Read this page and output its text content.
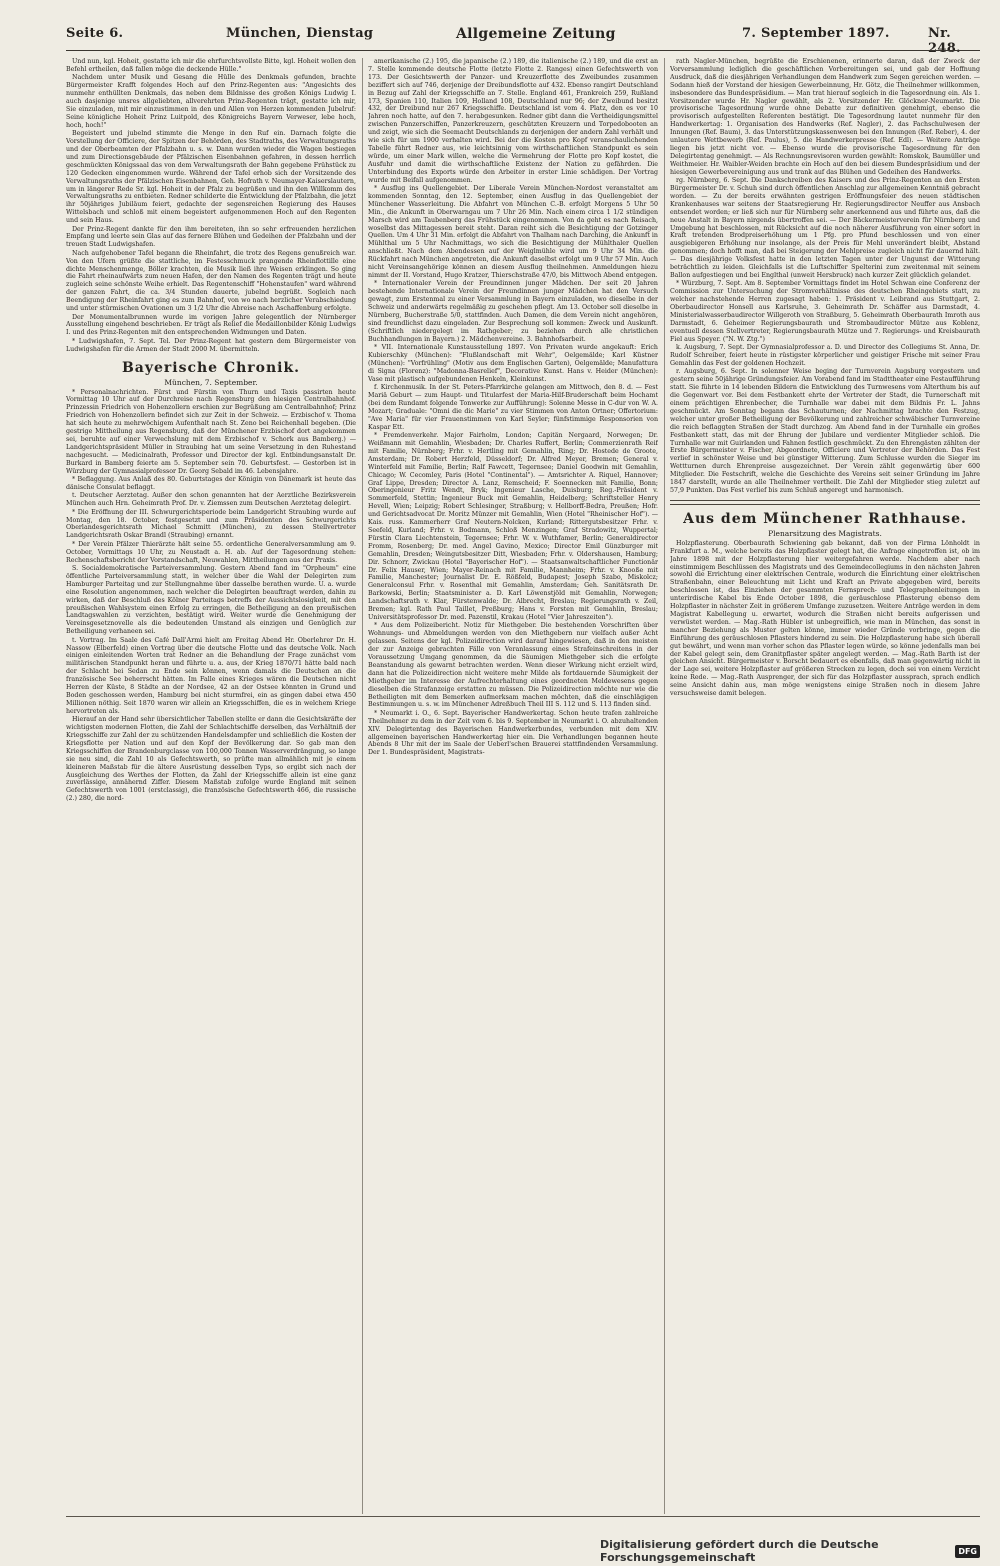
Seite 6.	München, Dienstag	Allgemeine Zeitung	7. September 1897.	Nr. 248.

Und nun, kgl. Hoheit, gestatte ich mir die ehrfurchtsvollste Bitte, kgl. Hoheit wollen den Befehl ertheilen, daß fallen möge die deckende Hülle."

Nachdem unter Musik und Gesang die Hülle des Denkmals gefunden, brachte Bürgermeister Krafft folgendes Hoch auf den Prinz-Regenten aus: "Angesichts des nunmehr enthüllten Denkmals, das neben dem Bildnisse des großen Königs Ludwig I. auch dasjenige unsres allgeliebten, allverehrten Prinz-Regenten trägt, gestatte ich mir, Sie einzuladen, mit mir einzustimmen in den und Allen von Herzen kommenden Jubelruf: Seine königliche Hoheit Prinz Luitpold, des Königreichs Bayern Verweser, lebe hoch, hoch, hoch!"

Begeistert und jubelnd stimmte die Menge in den Ruf ein. Darnach folgte die Vorstellung der Officiere, der Spitzen der Behörden, des Stadtraths, des Verwaltungsraths und der Oberbeamten der Pfalzbahn u. s. w. Dann wurden wieder die Wagen bestiegen und zum Directionsgebäude der Pfälzischen Eisenbahnen gefahren, in dessen herrlich geschmückten Königssaal das von dem Verwaltungsrath der Bahn gegebene Frühstück zu 120 Gedecken eingenommen wurde. Während der Tafel erhob sich der Vorsitzende des Verwaltungsraths der Pfälzischen Eisenbahnen, Geh. Hofrath v. Neumayer-Kaiserslautern, um in längerer Rede Sr. kgl. Hoheit in der Pfalz zu begrüßen und ihn den Willkomm des Verwaltungsraths zu entbieten. Redner schilderte die Entwicklung der Pfalzbahn, die jetzt ihr 50jähriges Jubiläum feiert, gedachte der segensreichen Regierung des Hauses Wittelsbach und schloß mit einem begeistert aufgenommenen Hoch auf den Regenten und sein Haus.

Der Prinz-Regent dankte für den ihm bereiteten, ihn so sehr erfreuenden herzlichen Empfang und leerte sein Glas auf das fernere Blühen und Gedeihen der Pfalzbahn und der treuen Stadt Ludwigshafen.

Nach aufgehobener Tafel begann die Rheinfahrt, die trotz des Regens genußreich war. Von den Ufern grüßte die stattliche, im Festesschmuck prangende Rheinflottille eine dichte Menschenmenge, Böller krachten, die Musik ließ ihre Weisen erklingen. So ging die Fahrt rheinaufwärts zum neuen Hafen, der den Namen des Regenten trägt und heute zugleich seine schönste Weihe erhielt. Das Regentenschiff "Hohenstaufen" ward während der ganzen Fahrt, die ca. 3/4 Stunden dauerte, jubelnd begrüßt. Sogleich nach Beendigung der Rheinfahrt ging es zum Bahnhof, von wo nach herzlicher Verabschiedung und unter stürmischen Ovationen um 3 1/2 Uhr die Abreise nach Aschaffenburg erfolgte.

Der Monumentalbrunnen wurde im vorigen Jahre gelegentlich der Nürnberger Ausstellung eingehend beschrieben. Er trägt als Relief die Medaillonbilder König Ludwigs I. und des Prinz-Regenten mit den entsprechenden Widmungen und Daten.

* Ludwigshafen, 7. Sept. Tel. Der Prinz-Regent hat gestern dem Bürgermeister von Ludwigshafen für die Armen der Stadt 2000 M. übermitteln.

Bayerische Chronik.
München, 7. September.

* Personalnachrichten. Fürst und Fürstin von Thurn und Taxis passirten heute Vormittag 10 Uhr auf der Durchreise nach Regensburg den hiesigen Centralbahnhof. Prinzessin Friedrich von Hohenzollern erschien zur Begrüßung am Centralbahnhof; Prinz Friedrich von Hohenzollern befindet sich zur Zeit in der Schweiz. — Erzbischof v. Thoma hat sich heute zu mehrwöchigem Aufenthalt nach St. Zeno bei Reichenhall begeben. (Die gestrige Mittheilung aus Regensburg, daß der Münchener Erzbischof dort angekommen sei, beruhte auf einer Verwechslung mit dem Erzbischof v. Schork aus Bamberg.) — Landgerichtspräsident Müller in Straubing hat um seine Versetzung in den Ruhestand nachgesucht. — Medicinalrath, Professor und Director der kgl. Entbindungsanstalt Dr. Burkard in Bamberg feierte am 5. September sein 70. Geburtsfest. — Gestorben ist in Würzburg der Gymnasialprofessor Dr. Georg Sebald im 46. Lebensjahre.

* Beflaggung. Aus Anlaß des 80. Geburtstages der Königin von Dänemark ist heute das dänische Consulat beflaggt.

t. Deutscher Aerztetag. Außer den schon genannten hat der Aerztliche Bezirksverein München auch Hrn. Geheimrath Prof. Dr. v. Ziemssen zum Deutschen Aerztetag delegirt.

* Die Eröffnung der III. Schwurgerichtsperiode beim Landgericht Straubing wurde auf Montag, den 18. October, festgesetzt und zum Präsidenten des Schwurgerichts Oberlandesgerichtsrath Michael Schmitt (München), zu dessen Stellvertreter Landgerichtsrath Oskar Brandl (Straubing) ernannt.

* Der Verein Pfälzer Thierärzte hält seine 55. ordentliche Generalversammlung am 9. October, Vormittags 10 Uhr, zu Neustadt a. H. ab. Auf der Tagesordnung stehen: Rechenschaftsbericht der Vorstandschaft, Neuwahlen, Mittheilungen aus der Praxis.

S. Socialdemokratische Parteiversammlung. Gestern Abend fand im "Orpheum" eine öffentliche Parteiversammlung statt, in welcher über die Wahl der Delegirten zum Hamburger Parteitag und zur Stellungnahme über dasselbe berathen wurde. U. a. wurde eine Resolution angenommen, nach welcher die Delegirten beauftragt werden, dahin zu wirken, daß der Beschluß des Kölner Parteitags betreffs der Aussichtslosigkeit, mit den preußischen Wahlsystem einen Erfolg zu erringen, die Betheiligung an den preußischen Landtagswahlen zu verzichten, bestätigt wird. Weiter wurde die Genehmigung der Vereinsgesetznovelle als die bedeutenden Umstand als einzigen und Genüglich zur Betheiligung verhaneen sei.

t. Vortrag. Im Saale des Café Dall'Armi hielt am Freitag Abend Hr. Oberlehrer Dr. H. Nassow (Elberfeld) einen Vortrag über die deutsche Flotte und das deutsche Volk. Nach einigen einleitenden Worten trat Redner an die Behandlung der Frage zunächst vom militärischen Standpunkt heran und führte u. a. aus, der Krieg 1870/71 hätte bald nach der Schlacht bei Sedan zu Ende sein können, wenn damals die Deutschen an die französische See beherrscht hätten. Im Falle eines Krieges wären die Deutschen nicht Herren der Küste, 8 Städte an der Nordsee, 42 an der Ostsee könnten in Grund und Boden geschossen werden, Hamburg bei nicht sturmfrei, ein as gingen dabei etwa 450 Millionen nöthig. Seit 1870 waren wir allein an Kriegsschiffen, die es in welchem Kriege hervortreten als.

Hierauf an der Hand sehr übersichtlicher Tabellen stellte er dann die Gesichtskräfte der wichtigsten modernen Flotten, die Zahl der Schlachtschiffe derselben, das Verhältniß der Kriegsschiffe zur Zahl der zu schützenden Handelsdampfer und schließlich die Kosten der Kriegsflotte per Nation und auf den Kopf der Bevölkerung dar. So gab man den Kriegsschiffen der Brandenburgclasse von 100,000 Tonnen Wasserverdrängung, so lange sie neu sind, die Zahl 10 als Gefechtswerth, so prüfte man allmählich mit je einem kleineren Maßstab für die ältere Ausrüstung desselben Typs, so ergibt sich nach der Ausgleichung des Werthes der Flotten, da Zahl der Kriegsschiffe allein ist eine ganz zuverlässige, annähernd Ziffer. Diesem Maßstab zufolge wurde England mit seinen Gefechtswerth von 1001 (erstclassig), die französische Gefechtswerth 466, die russische (2.) 280, die nord-

amerikanische (2.) 195, die japanische (2.) 189, die italienische (2.) 189, und die erst an 7. Stelle kommende deutsche Flotte (letzte Flotte 2. Ranges) einen Gefechtswerth von 173. Der Gesichtswerth der Panzer- und Kreuzerflotte des Zweibundes zusammen beziffert sich auf 746, derjenige der Dreibundsflotte auf 432. Ebenso rangirt Deutschland in Bezug auf Zahl der Kriegsschiffe an 7. Stelle. England 461, Frankreich 259, Rußland 173, Spanien 110, Italien 109, Holland 108, Deutschland nur 96; der Zweibund besitzt 432, der Dreibund nur 267 Kriegsschiffe. Deutschland ist vom 4. Platz, den es vor 10 Jahren noch hatte, auf den 7. herabgesunken. Redner gibt dann die Vertheidigungsmittel zwischen Panzerschiffen, Panzerkreuzern, geschützten Kreuzern und Torpedobooten an und zeigt, wie sich die Seemacht Deutschlands zu derjenigen der andern Zahl verhält und wie sich für um 1900 verhalten wird. Bei der die Kosten pro Kopf veranschaulichenden Tabelle führt Redner aus, wie leichtsinnig vom wirthschaftlichen Standpunkt es sein würde, um einer Mark willen, welche die Vermehrung der Flotte pro Kopf kostet, die Ausfuhr und damit die wirthschaftliche Existenz der Nation zu gefährden. Die Unterbindung des Exports würde den Arbeiter in erster Linie schädigen. Der Vortrag wurde mit Beifall aufgenommen.

* Ausflug ins Quellengebiet. Der Liberale Verein München-Nordost veranstaltet am kommenden Sonntag, den 12. September, einen Ausflug in das Quellengebiet der Münchener Wasserleitung. Die Abfahrt von München C.-B. erfolgt Morgens 5 Uhr 50 Min., die Ankunft in Oberwarngau um 7 Uhr 26 Min. Nach einem circa 1 1/2 stündigen Marsch wird am Taubenberg das Frühstück eingenommen. Von da geht es nach Reisach, woselbst das Mittagessen bereit steht. Daran reiht sich die Besichtigung der Gotzinger Quellen. Um 4 Uhr 31 Min. erfolgt die Abfahrt von Thalham nach Darching, die Ankunft in Mühlthal um 5 Uhr Nachmittags, wo sich die Besichtigung der Mühlthaler Quellen anschließt. Nach dem Abendessen auf der Weiglmühle wird um 9 Uhr 34 Min. die Rückfahrt nach München angetreten, die Ankunft daselbst erfolgt um 9 Uhr 57 Min. Auch nicht Vereinsangehörige können an diesem Ausflug theilnehmen. Anmeldungen hiezu nimmt der II. Vorstand, Hugo Kratzer, Thierschstraße 47/0, bis Mittwoch Abend entgegen.

* Internationaler Verein der Freundinnen junger Mädchen. Der seit 20 Jahren bestehende Internationale Verein der Freundinnen junger Mädchen hat den Versuch gewagt, zum Erstenmal zu einer Versammlung in Bayern einzuladen, wo dieselbe in der Schweiz und anderwärts regelmäßig zu geschehen pflegt. Am 13. October soll dieselbe in Nürnberg, Bucherstraße 5/0, stattfinden. Auch Damen, die dem Verein nicht angehören, sind freundlichst dazu eingeladen. Zur Besprechung soll kommen: Zweck und Auskunft. (Schriftlich niedergelegt im Rathgeber; zu beziehen durch alle christlichen Buchhandlungen in Bayern.) 2. Mädchenvereine. 3. Bahnhofsarbeit.

* VII. Internationale Kunstausstellung 1897. Von Privaten wurde angekauft: Erich Kubierschky (München): "Flußlandschaft mit Wehr", Oelgemälde; Karl Küstner (München): "Vorfrühling" (Motiv aus dem Englischen Garten), Oelgemälde; Manufattura di Signa (Florenz): "Madonna-Basrelief", Decorative Kunst. Hans v. Heider (München): Vase mit plastisch aufgebundenen Henkeln, Kleinkunst.

f. Kirchenmusik. In der St. Peters-Pfarrkirche gelangen am Mittwoch, den 8. d. — Fest Mariä Geburt — zum Haupt- und Titularfest der Maria-Hilf-Bruderschaft beim Hochamt (bei dem Rundamt folgende Tonwerke zur Aufführung): Solenne Messe in C-dur von W. A. Mozart; Graduale: "Omni die dic Marie" zu vier Stimmen von Anton Ortner; Offertorium: "Ave Maria" für vier Frauenstimmen von Karl Seyler; fünfstimmige Responsorien von Kaspar Ett.

* Fremdenverkehr. Major Fairholm, London; Capitän Nergaard, Norwegen; Dr. Weißmann mit Gemahlin, Wiesbaden; Dr. Charles Ruffert, Berlin; Commerzienrath Reif mit Familie, Nürnberg; Frhr. v. Hertling mit Gemahlin, Ring; Dr. Hostede de Groote, Amsterdam; Dr. Robert Herzfeld, Düsseldorf; Dr. Alfred Meyer, Bremen; General v. Winterfeld mit Familie, Berlin; Ralf Fawcett, Tegernsee; Daniel Goodwin mit Gemahlin, Chicago; W. Cecomley, Paris (Hotel "Continental"). — Amtsrichter A. Riquel, Hannover; Graf Lippe, Dresden; Director A. Lanz, Remscheid; F. Soennecken mit Familie, Bonn; Oberingenieur Fritz Wendt, Bryk; Ingenieur Lasche, Duisburg; Reg.-Präsident v. Sommerfeld, Stettin; Ingenieur Buck mit Gemahlin, Heidelberg; Schriftsteller Henry Hevell, Wien; Leipzig; Robert Schlesinger, Straßburg; v. Hellborff-Bedra, Preußen; Hofr. und Gerichtsadvocat Dr. Moritz Münzer mit Gemahlin, Wien (Hotel "Rheinischer Hof"). — Kais. russ. Kammerherr Graf Neutern-Nolcken, Kurland; Rittergutsbesitzer Frhr. v. Seefeld, Kurland; Frhr. v. Bodmann, Schloß Menzingen; Graf Stradowitz, Wuppertal; Fürstin Clara Liechtenstein, Tegernsee; Frhr. W. v. Wuthfamer, Berlin; Generaldirector Fromm, Rosenberg; Dr. med. Angel Gavino, Mexico; Director Emil Günzburger mit Gemahlin, Dresden; Weingutsbesitzer Ditt, Wiesbaden; Frhr. v. Oldershausen, Hamburg; Dir. Schnorr, Zwickau (Hotel "Bayerischer Hof"). — Staatsanwaltschaftlicher Functionär Dr. Felix Hauser, Wien; Mayer-Reinach mit Familie, Mannheim; Frhr. v. Knooße mit Familie, Manchester; Journalist Dr. E. Rößfeld, Budapest; Joseph Szabo, Miskolcz; Generalconsul Frhr. v. Rosenthal mit Gemahlin, Amsterdam; Geh. Sanitätsrath Dr. Barkowski, Berlin; Staatsminister a. D. Karl Löwenstjöld mit Gemahlin, Norwegen; Landschaftsrath v. Klar, Fürstenwalde; Dr. Albrecht, Breslau; Regierungsrath v. Zeil, Bremen; kgl. Rath Paul Taillet, Preßburg; Hans v. Forsten mit Gemahlin, Breslau; Universitätsprofessor Dr. med. Pazenstil, Krakau (Hotel "Vier Jahreszeiten").

* Aus dem Polizeibericht. Notiz für Miethgeber. Die bestehenden Vorschriften über Wohnungs- und Abmeldungen werden von den Miethgebern nur vielfach außer Acht gelassen. Seitens der kgl. Polizeidirection wird darauf hingewiesen, daß in den meisten der zur Anzeige gebrachten Fälle von Veranlassung eines Strafeinschreitens in der Voraussetzung Umgang genommen, da die Säumigen Miethgeber sich die erfolgte Beanstandung als gewarnt betrachten werden. Wenn dieser Wirkung nicht erzielt wird, dann hat die Polizeidirection nicht weitere mehr Milde als fortdauernde Säumigkeit der Miethgeber im Interesse der Aufrechterhaltung eines geordneten Meldewesens gegen dieselben die Strafanzeige erstatten zu müssen. Die Polizeidirection möchte nur wie die Betheiligten mit dem Bemerken aufmerksam machen möchten, daß die einschlägigen Bestimmungen u. s. w. im Münchener Adreßbuch Theil III S. 112 und S. 113 finden sind.

* Neumarkt i. O., 6. Sept. Bayerischer Handwerkertag. Schon heute trafen zahlreiche Theilnehmer zu dem in der Zeit vom 6. bis 9. September in Neumarkt i. O. abzuhaltenden XIV. Delegirtentag des Bayerischen Handwerkerbundes, verbunden mit dem XIV. allgemeinen bayerischen Handwerkertag hier ein. Die Verhandlungen begannen heute Abends 8 Uhr mit der im Saale der Ueberl'schen Brauerei stattfindenden Versammlung. Der 1. Bundespräsident, Magistrats-

rath Nagler-München, begrüßte die Erschienenen, erinnerte daran, daß der Zweck der Vorversammlung lediglich die geschäftlichen Vorbereitungen sei, und gab der Hoffnung Ausdruck, daß die diesjährigen Verhandlungen dem Handwerk zum Segen gereichen werden. — Sodann hieß der Vorstand der hiesigen Gewerbeinnung, Hr. Götz, die Theilnehmer willkommen, insbesondere das Bundespräsidium. — Man trat hierauf sogleich in die Tagesordnung ein. Als 1. Vorsitzender wurde Hr. Nagler gewählt, als 2. Vorsitzender Hr. Glöckner-Neumarkt. Die provisorische Tagesordnung wurde ohne Debatte zur definitiven genehmigt, ebenso die provisorisch aufgestellten Referenten bestätigt. Die Tagesordnung lautet nunmehr für den Handwerkertag: 1. Organisation des Handwerks (Ref. Nagler), 2. das Fachschulwesen der Innungen (Ref. Baum), 3. das Unterstützungskassenwesen bei den Innungen (Ref. Reber), 4. der unlautere Wettbewerb (Ref. Paulus), 5. die Handwerkerpresse (Ref. Edl). — Weitere Anträge liegen bis jetzt nicht vor. — Ebenso wurde die provisorische Tagesordnung für den Delegirtentag genehmigt. — Als Rechnungsrevisoren wurden gewählt: Romskok, Baumüller und Weithmeier. Hr. Waibler-Weiden brachte ein Hoch auf den bei diesem Bundespräsidium und der hiesigen Gewerbevereinigung aus und trank auf das Blühen und Gedeihen des Handwerks.

rg. Nürnberg, 6. Sept. Die Dankschreiben des Kaisers und des Prinz-Regenten an den Ersten Bürgermeister Dr. v. Schuh sind durch öffentlichen Anschlag zur allgemeinen Kenntniß gebracht worden. — Zu der bereits erwähnten gestrigen Eröffnungsfeier des neuen städtischen Krankenhauses war seitens der Staatsregierung Hr. Regierungsdirector Neuffer aus Ansbach entsendet worden; er ließ sich nur für Nürnberg sehr anerkennend aus und führte aus, daß die neue Anstalt in Bayern nirgends übertroffen sei. — Der Bäckermeisterverein für Nürnberg und Umgebung hat beschlossen, mit Rücksicht auf die noch näherer Ausführung von einer sofort in Kraft tretenden Brodpreiserhöhung um 1 Pfg. pro Pfund beschlossen und von einer ausgiebigeren Erhöhung nur insolange, als der Preis für Mehl unverändert bleibt, Abstand genommen; doch hofft man, daß bei Steigerung der Mehlpreise zugleich nicht für dauernd hält. — Das diesjährige Volksfest hatte in den letzten Tagen unter der Ungunst der Witterung beträchtlich zu leiden. Gleichfalls ist die Luftschiffer Spelterini zum zweitenmal mit seinem Ballon aufgestiegen und bei Englthal (unweit Hersbruck) nach kurzer Zeit glücklich gelandet.

* Würzburg, 7. Sept. Am 8. September Vormittags findet im Hotel Schwan eine Conferenz der Commission zur Untersuchung der Stromverhältnisse des deutschen Rheingebiets statt, zu welcher nachstehende Herren zugesagt haben: 1. Präsident v. Leibrand aus Stuttgart, 2. Oberbaudirector Honsell aus Karlsruhe, 3. Geheimrath Dr. Schäffer aus Darmstadt, 4. Ministerialwasserbaudirector Willgeroth von Straßburg, 5. Geheimrath Oberbaurath Imroth aus Darmstadt, 6. Geheimer Regierungsbaurath und Strombaudirector Mütze aus Koblenz, eventuell dessen Stellvertreter, Regierungsbaurath Mütze und 7. Regierungs- und Kreisbaurath Fiel aus Speyer. ("N. W. Ztg.")

k. Augsburg, 7. Sept. Der Gymnasialprofessor a. D. und Director des Collegiums St. Anna, Dr. Rudolf Schreiber, feiert heute in rüstigster körperlicher und geistiger Frische mit seiner Frau Gemahlin das Fest der goldenen Hochzeit.

r. Augsburg, 6. Sept. In solenner Weise beging der Turnverein Augsburg vorgestern und gestern seine 50jährige Gründungsfeier. Am Vorabend fand im Stadttheater eine Festaufführung statt. Sie führte in 14 lebenden Bildern die Entwicklung des Turnwesens vom Alterthum bis auf die Gegenwart vor. Bei dem Festbankett ehrte der Vertreter der Stadt, die Turnerschaft mit einem prächtigen Ehrenbecher, die Turnhalle war dabei mit dem Bildnis Fr. L. Jahns geschmückt. Am Sonntag begann das Schauturnen; der Nachmittag brachte den Festzug, welcher unter großer Betheiligung der Bevölkerung und zahlreicher schwäbischer Turnvereine die reich beflaggten Straßen der Stadt durchzog. Am Abend fand in der Turnhalle ein großes Festbankett statt, das mit der Ehrung der Jubilare und verdienter Mitglieder schloß. Die Turnhalle war mit Guirlanden und Fahnen festlich geschmückt. Zu den Ehrengästen zählten der Erste Bürgermeister v. Fischer, Abgeordnete, Officiere und Vertreter der Behörden. Das Fest verlief in schönster Weise und bei günstiger Witterung. Zum Schlusse wurden die Sieger im Wettturnen durch Ehrenpreise ausgezeichnet. Der Verein zählt gegenwärtig über 600 Mitglieder. Die Festschrift, welche die Geschichte des Vereins seit seiner Gründung im Jahre 1847 darstellt, wurde an alle Theilnehmer vertheilt. Die Zahl der Mitglieder stieg zuletzt auf 57,9 Punkten. Das Fest verlief bis zum Schluß angeregt und harmonisch.

Aus dem Münchener Rathhause.
Plenarsitzung des Magistrats.

Holzpflasterung. Oberbaurath Schwiening gab bekannt, daß von der Firma Lönholdt in Frankfurt a. M., welche bereits das Holzpflaster gelegt hat, die Anfrage eingetroffen ist, ob im Jahre 1898 mit der Holzpflasterung hier weitergefahren werde. Nachdem aber nach einstimmigem Beschlüssen des Magistrats und des Gemeindecollegiums in den nächsten Jahren sowohl die Errichtung einer elektrischen Centrale, wodurch die Einrichtung einer elektrischen Straßenbahn, einer Beleuchtung mit Licht und Kraft an Private abgegeben wird, bereits beschlossen ist, das Einziehen der gesammten Fernsprech- und Telegraphenleitungen in unterirdische Kabel bis Ende October 1898, die geräuschlose Pflasterung ebenso dem Holzpflaster in nächster Zeit in größerem Umfange zuzusetzen. Weitere Anträge werden in dem Magistrat Kabellegung u. erwartet, wodurch die Straßen nicht bereits aufgerissen und verwüstet werden. — Mag.-Rath Hübler ist unbegreiflich, wie man in München, das sonst in mancher Beziehung als Muster gelten könne, immer wieder Gründe vorbringe, gegen die Einführung des geräuschlosen Pflasters hindernd zu sein. Die Holzpflasterung habe sich überall gut bewährt, und wenn man vorher schon das Pflaster legen würde, so könne jedenfalls man bei der Kabel gelegt sein, dem Granitpflaster später angelegt werden. — Mag.-Rath Barth ist der gleichen Ansicht. Bürgermeister v. Borscht bedauert es ebenfalls, daß man gegenwärtig nicht in der Lage sei, weitere Holzpflaster auf größeren Strecken zu legen, doch sei von einem Verzicht keine Rede. — Mag.-Rath Ausprenger, der sich für das Holzpflaster aussprach, sprach endlich seine Ansicht dahin aus, man möge wenigstens einige Straßen noch in diesem Jahre versuchsweise damit belegen.

Digitalisierung gefördert durch die Deutsche Forschungsgemeinschaft	DFG
